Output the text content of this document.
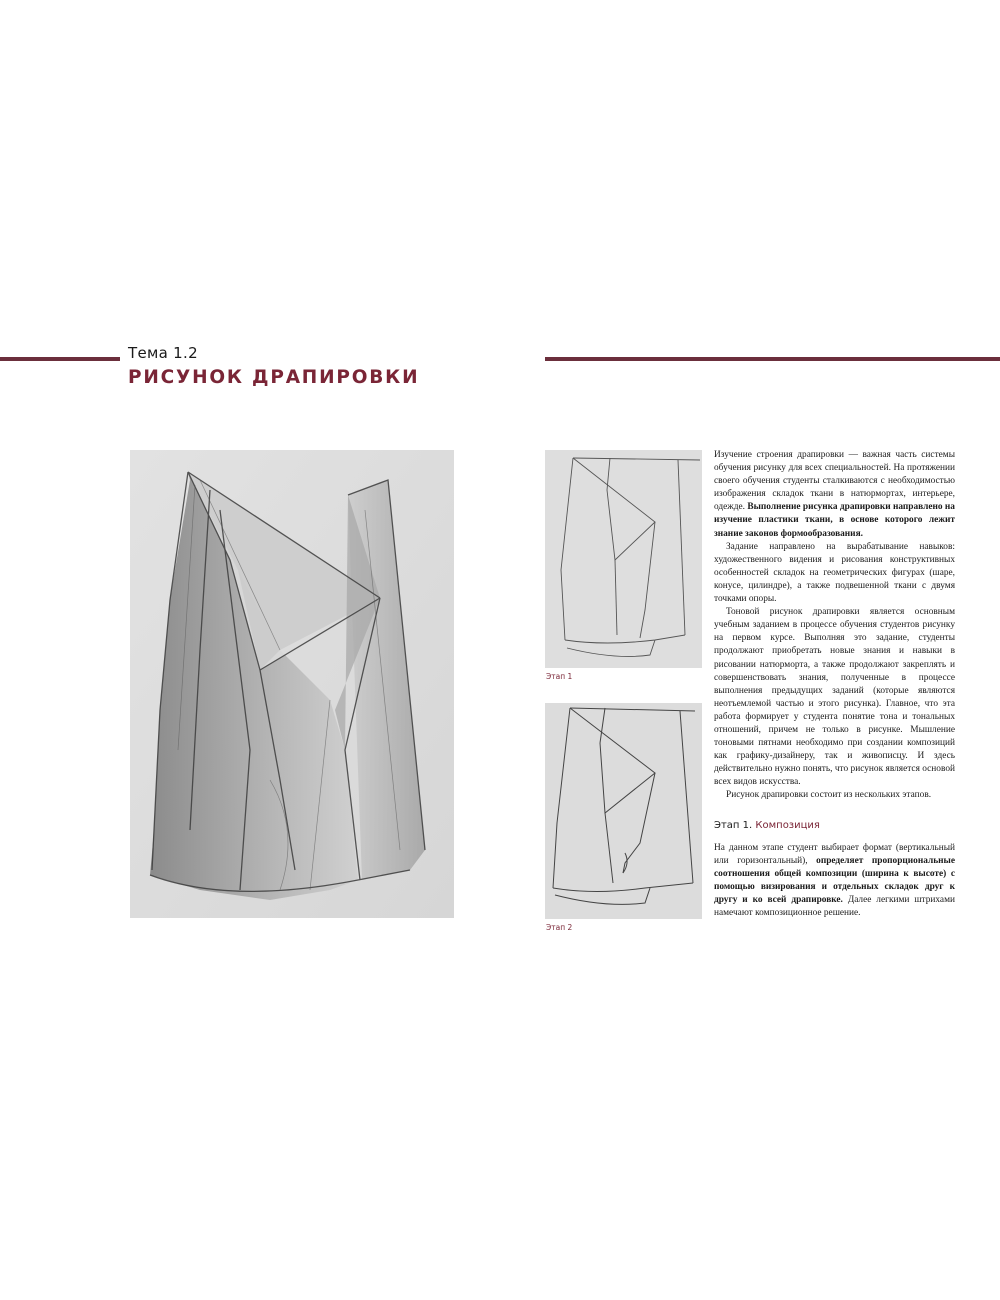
Тема 1.2
РИСУНОК ДРАПИРОВКИ
Этап 1
Этап 2

Изучение строения драпировки — важная часть системы обучения рисунку для всех специальностей. На протяжении своего обучения студенты сталкиваются с необходимостью изображения складок ткани в натюрмортах, интерьере, одежде. Выполнение рисунка драпировки направлено на изучение пластики ткани, в основе которого лежит знание законов формообразования.

Задание направлено на вырабатывание навыков: художественного видения и рисования конструктивных особенностей складок на геометрических фигурах (шаре, конусе, цилиндре), а также подвешенной ткани с двумя точками опоры.

Тоновой рисунок драпировки является основным учебным заданием в процессе обучения студентов рисунку на первом курсе. Выполняя это задание, студенты продолжают приобретать новые знания и навыки в рисовании натюрморта, а также продолжают закреплять и совершенствовать знания, полученные в процессе выполнения предыдущих заданий (которые являются неотъемлемой частью и этого рисунка). Главное, что эта работа формирует у студента понятие тона и тональных отношений, причем не только в рисунке. Мышление тоновыми пятнами необходимо при создании композиций как графику-дизайнеру, так и живописцу. И здесь действительно нужно понять, что рисунок является основой всех видов искусства.

Рисунок драпировки состоит из нескольких этапов.

Этап 1. Композиция

На данном этапе студент выбирает формат (вертикальный или горизонтальный), определяет пропорциональные соотношения общей композиции (ширина к высоте) с помощью визирования и отдельных складок друг к другу и ко всей драпировке. Далее легкими штрихами намечают композиционное решение.
